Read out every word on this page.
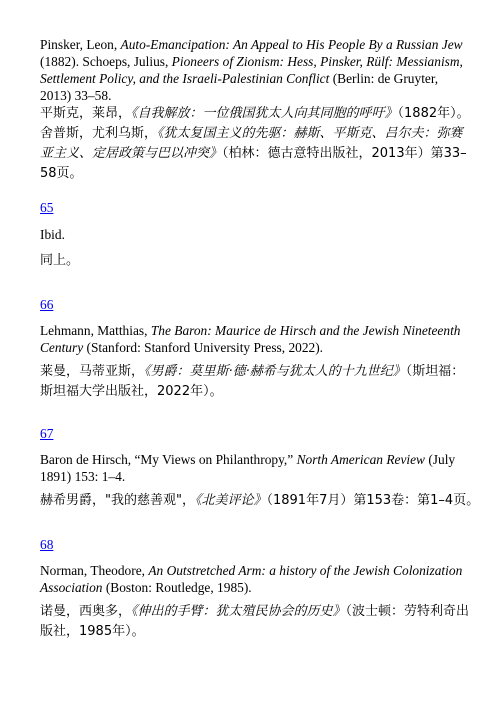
Pinsker, Leon, Auto-Emancipation: An Appeal to His People By a Russian Jew (1882). Schoeps, Julius, Pioneers of Zionism: Hess, Pinsker, Rülf: Messianism, Settlement Policy, and the Israeli-Palestinian Conflict (Berlin: de Gruyter, 2013) 33–58.

平斯克，莱昂，《自我解放：一位俄国犹太人向其同胞的呼吁》（1882年）。舍普斯，尤利乌斯，《犹太复国主义的先驱：赫斯、平斯克、吕尔夫：弥赛亚主义、定居政策与巴以冲突》（柏林：德古意特出版社，2013年）第33–58页。

65

Ibid.

同上。

66

Lehmann, Matthias, The Baron: Maurice de Hirsch and the Jewish Nineteenth Century (Stanford: Stanford University Press, 2022).

莱曼，马蒂亚斯，《男爵：莫里斯·德·赫希与犹太人的十九世纪》（斯坦福：斯坦福大学出版社，2022年）。

67

Baron de Hirsch, “My Views on Philanthropy,” North American Review (July 1891) 153: 1–4.

赫希男爵，"我的慈善观"，《北美评论》（1891年7月）第153卷：第1–4页。

68

Norman, Theodore, An Outstretched Arm: a history of the Jewish Colonization Association (Boston: Routledge, 1985).

诺曼，西奥多，《伸出的手臂：犹太殖民协会的历史》（波士顿：劳特利奇出版社，1985年）。
